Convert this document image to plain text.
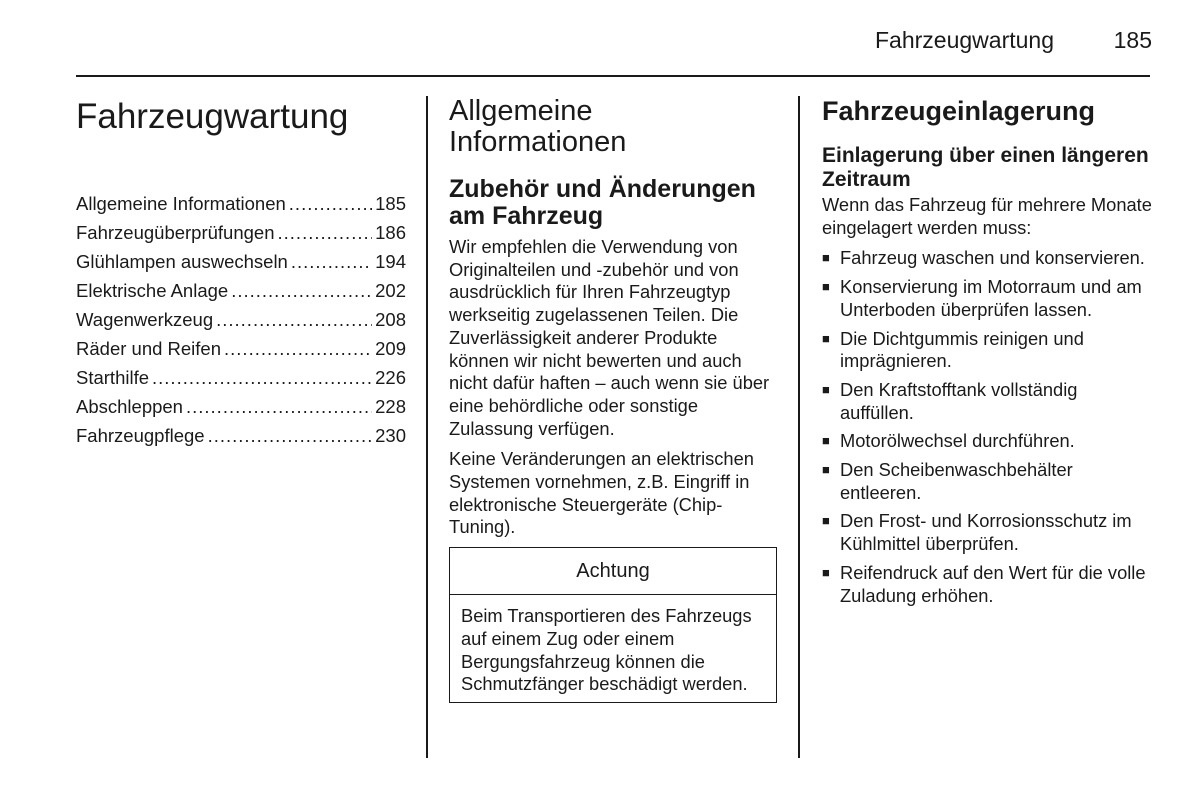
Fahrzeugwartung	185
Fahrzeugwartung
Allgemeine Informationen .....	185
Fahrzeugüberprüfungen .....	186
Glühlampen auswechseln .....	194
Elektrische Anlage .....	202
Wagenwerkzeug .....	208
Räder und Reifen .....	209
Starthilfe .....	226
Abschleppen .....	228
Fahrzeugpflege .....	230
Allgemeine Informationen
Zubehör und Änderungen am Fahrzeug

Wir empfehlen die Verwendung von Originalteilen und -zubehör und von ausdrücklich für Ihren Fahrzeugtyp werkseitig zugelassenen Teilen. Die Zuverlässigkeit anderer Produkte können wir nicht bewerten und auch nicht dafür haften – auch wenn sie über eine behördliche oder sonstige Zulassung verfügen.

Keine Veränderungen an elektrischen Systemen vornehmen, z.B. Eingriff in elektronische Steuergeräte (Chip-Tuning).

Achtung
Beim Transportieren des Fahrzeugs auf einem Zug oder einem Bergungsfahrzeug können die Schmutzfänger beschädigt werden.
Fahrzeugeinlagerung
Einlagerung über einen längeren Zeitraum

Wenn das Fahrzeug für mehrere Monate eingelagert werden muss:

■ Fahrzeug waschen und konservieren.
■ Konservierung im Motorraum und am Unterboden überprüfen lassen.
■ Die Dichtgummis reinigen und imprägnieren.
■ Den Kraftstofftank vollständig auffüllen.
■ Motorölwechsel durchführen.
■ Den Scheibenwaschbehälter entleeren.
■ Den Frost- und Korrosionsschutz im Kühlmittel überprüfen.
■ Reifendruck auf den Wert für die volle Zuladung erhöhen.
